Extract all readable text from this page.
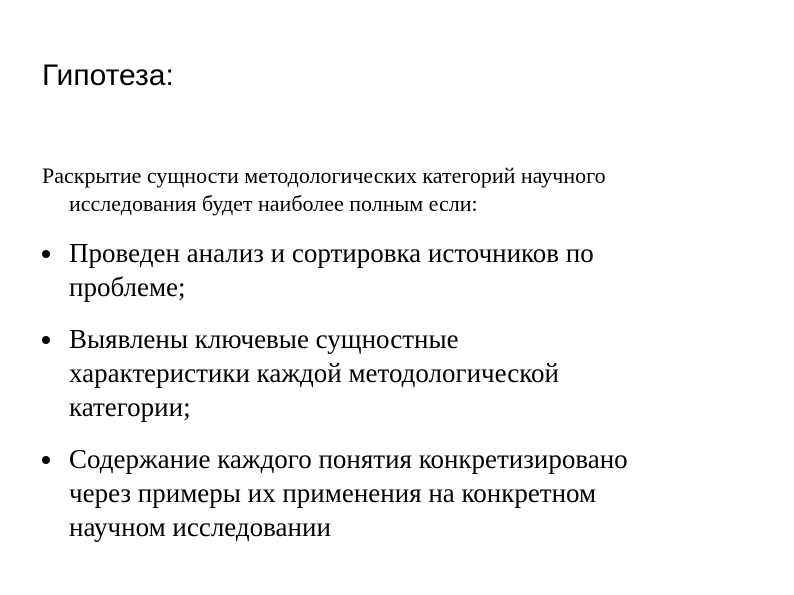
Гипотеза:
Раскрытие сущности методологических категорий научного
исследования будет наиболее полным если:
Проведен анализ и сортировка источников по
проблеме;
Выявлены ключевые сущностные
характеристики каждой методологической
категории;
Содержание каждого понятия конкретизировано
через примеры их применения на конкретном
научном исследовании
